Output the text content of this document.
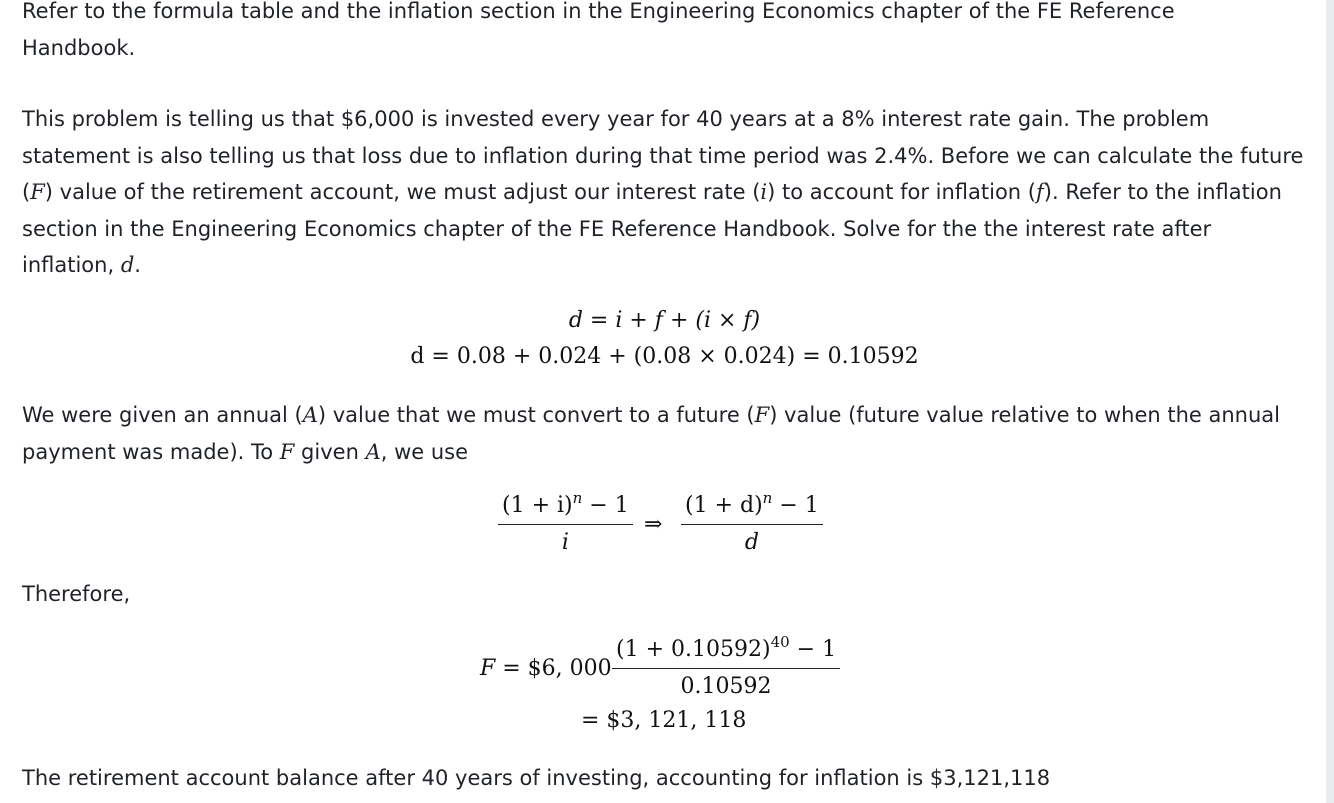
Refer to the formula table and the inflation section in the Engineering Economics chapter of the FE Reference Handbook.

This problem is telling us that $6,000 is invested every year for 40 years at a 8% interest rate gain. The problem statement is also telling us that loss due to inflation during that time period was 2.4%. Before we can calculate the future (F) value of the retirement account, we must adjust our interest rate (i) to account for inflation (f). Refer to the inflation section in the Engineering Economics chapter of the FE Reference Handbook. Solve for the the interest rate after inflation, d.

d = i + f + (i × f)
d = 0.08 + 0.024 + (0.08 × 0.024) = 0.10592

We were given an annual (A) value that we must convert to a future (F) value (future value relative to when the annual payment was made). To F given A, we use

$\frac{(1 + i)^n - 1}{i}$ ⇒ $\frac{(1 + d)^n - 1}{d}$

Therefore,

F = $6, $000 \frac{(1 + 0.10592)^{40} - 1}{0.10592}$
= $3, 121, 118

The retirement account balance after 40 years of investing, accounting for inflation is $3,121,118
